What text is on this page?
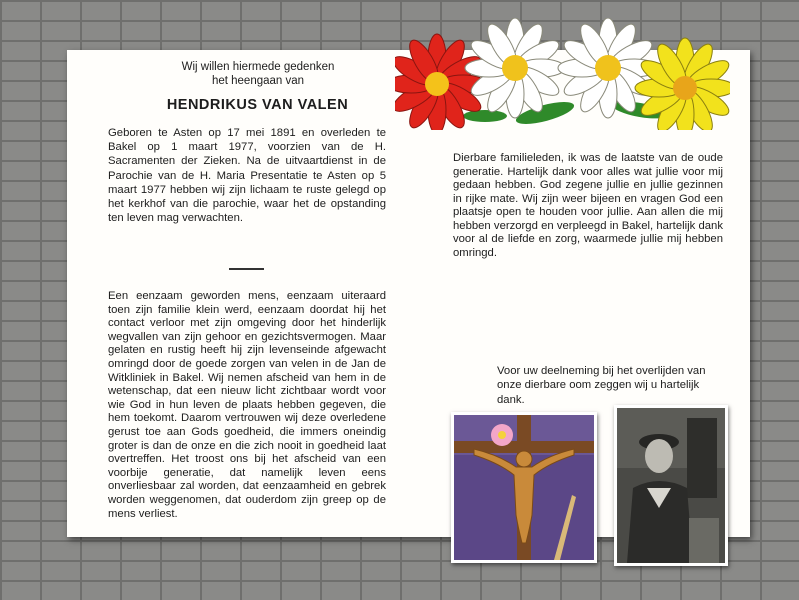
Wij willen hiermede gedenken
het heengaan van
HENDRIKUS VAN VALEN
Geboren te Asten op 17 mei 1891 en overleden te Bakel op 1 maart 1977, voorzien van de H. Sacramenten der Zieken. Na de uitvaartdienst in de Parochie van de H. Maria Presentatie te Asten op 5 maart 1977 hebben wij zijn lichaam te ruste gelegd op het kerkhof van die parochie, waar het de opstanding ten leven mag verwachten.
Een eenzaam geworden mens, eenzaam uiteraard toen zijn familie klein werd, eenzaam doordat hij het contact verloor met zijn omgeving door het hinderlijk wegvallen van zijn gehoor en gezichtsvermogen. Maar gelaten en rustig heeft hij zijn levenseinde afgewacht omringd door de goede zorgen van velen in de Jan de Witkliniek in Bakel. Wij nemen afscheid van hem in de wetenschap, dat een nieuw licht zichtbaar wordt voor wie God in hun leven de plaats hebben gegeven, die hem toekomt. Daarom vertrouwen wij deze overledene gerust toe aan Gods goedheid, die immers oneindig groter is dan de onze en die zich nooit in goedheid laat overtreffen. Het troost ons bij het afscheid van een voorbije generatie, dat namelijk leven eens onverliesbaar zal worden, dat eenzaamheid en gebrek worden weggenomen, dat ouderdom zijn greep op de mens verliest.
Dierbare familieleden, ik was de laatste van de oude generatie. Hartelijk dank voor alles wat jullie voor mij gedaan hebben. God zegene jullie en jullie gezinnen in rijke mate. Wij zijn weer bijeen en vragen God een plaatsje open te houden voor jullie. Aan allen die mij hebben verzorgd en verpleegd in Bakel, hartelijk dank voor al de liefde en zorg, waarmede jullie mij hebben omringd.
Voor uw deelneming bij het overlijden van onze dierbare oom zeggen wij u hartelijk dank.
